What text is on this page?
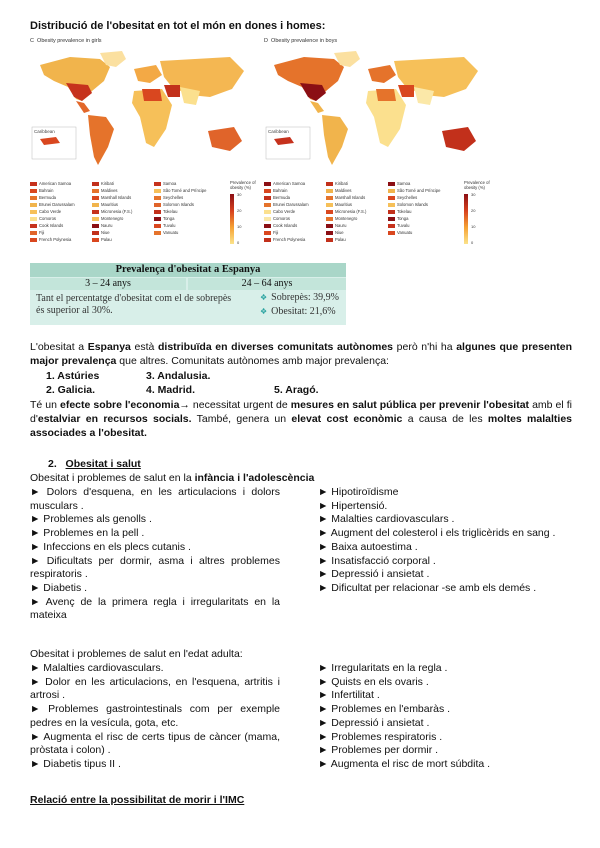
Distribució de l'obesitat en tot el món en dones i homes:
C Obesity prevalence in girls
Caribbean
American Samoa
Bahrain
Bermuda
Brunei Darussalam
Cabo Verde
Comoros
Cook Islands
Fiji
French Polynesia
Kiribati
Maldives
Marshall Islands
Mauritius
Micronesia (F.S.)
Montenegro
Nauru
Niue
Palau
Samoa
São Tomé and Príncipe
Seychelles
Solomon Islands
Tokelau
Tonga
Tuvalu
Vanuatu
Prevalence of obesity (%)
30
20
10
0
D Obesity prevalence in boys
Caribbean
American Samoa
Bahrain
Bermuda
Brunei Darussalam
Cabo Verde
Comoros
Cook Islands
Fiji
French Polynesia
Kiribati
Maldives
Marshall Islands
Mauritius
Micronesia (F.S.)
Montenegro
Nauru
Niue
Palau
Samoa
São Tomé and Príncipe
Seychelles
Solomon Islands
Tokelau
Tonga
Tuvalu
Vanuatu
Prevalence of obesity (%)
30
20
10
0
Prevalença d'obesitat a Espanya
3 – 24 anys	24 – 64 anys
Tant el percentatge d'obesitat com el de sobrepès és superior al 30%.
❖ Sobrepès: 39,9%
❖ Obesitat: 21,6%
L'obesitat a Espanya està distribuïda en diverses comunitats autònomes però n'hi ha algunes que presenten major prevalença que altres. Comunitats autònomes amb major prevalença:
1. Astúries	3. Andalusia.
2. Galicia.	4. Madrid.	5. Aragó.
Té un efecte sobre l'economia→ necessitat urgent de mesures en salut pública per prevenir l'obesitat amb el fi d'estalviar en recursos socials. També, genera un elevat cost econòmic a causa de les moltes malalties associades a l'obesitat.
2. Obesitat i salut
Obesitat i problemes de salut en la infància i l'adolescència
► Dolors d'esquena, en les articulacions i dolors musculars .
► Problemes als genolls .
► Problemes en la pell .
► Infeccions en els plecs cutanis .
► Dificultats per dormir, asma i altres problemes respiratoris .
► Diabetis .
► Avenç de la primera regla i irregularitats en la mateixa
► Hipotiroïdisme
► Hipertensió.
► Malalties cardiovasculars .
► Augment del colesterol i els triglicèrids en sang .
► Baixa autoestima .
► Insatisfacció corporal .
► Depressió i ansietat .
► Dificultat per relacionar -se amb els demés .
Obesitat i problemes de salut en l'edat adulta:
► Malalties cardiovasculars.
► Dolor en les articulacions, en l'esquena, artritis i artrosi .
► Problemes gastrointestinals com per exemple pedres en la vesícula, gota, etc.
► Augmenta el risc de certs tipus de càncer (mama, pròstata i colon) .
► Diabetis tipus II .
► Irregularitats en la regla .
► Quists en els ovaris .
► Infertilitat .
► Problemes en l'embaràs .
► Depressió i ansietat .
► Problemes respiratoris .
► Problemes per dormir .
► Augmenta el risc de mort súbdita .
Relació entre la possibilitat de morir i l'IMC
